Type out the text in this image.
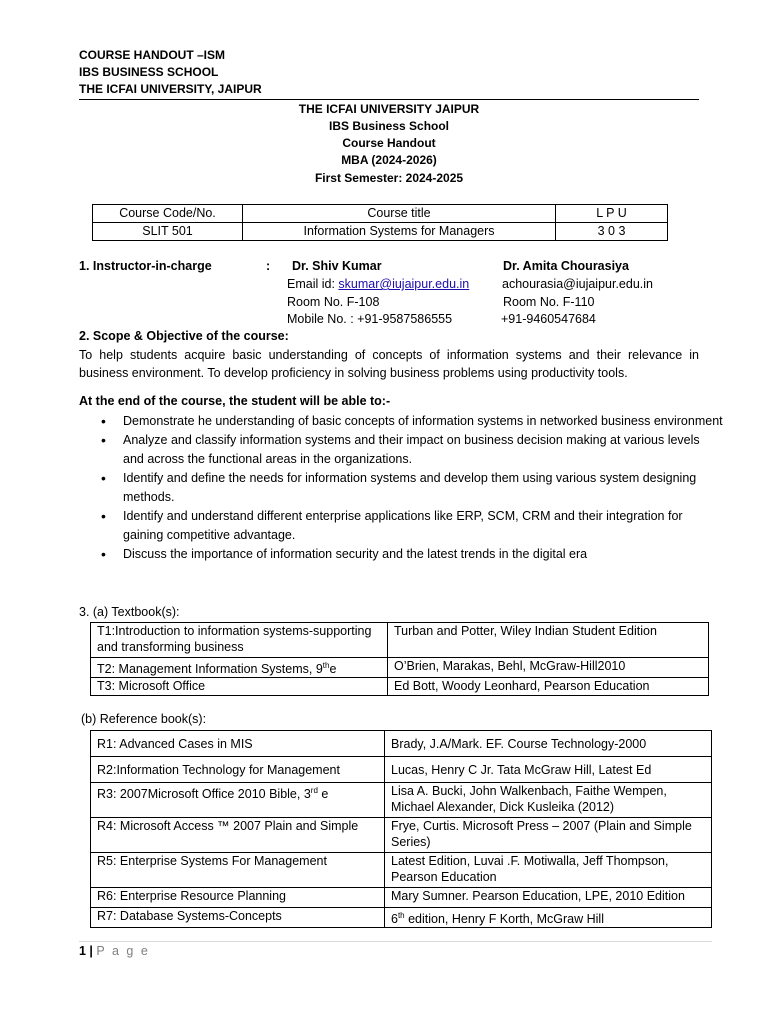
COURSE HANDOUT –ISM
IBS BUSINESS SCHOOL
THE ICFAI UNIVERSITY, JAIPUR
THE ICFAI UNIVERSITY JAIPUR
IBS Business School
Course Handout
MBA (2024-2026)
First Semester: 2024-2025
Course Code/No.	Course title	L P U
SLIT 501	Information Systems for Managers	3 0 3
1. Instructor-in-charge	: Dr. Shiv Kumar
Email id: skumar@iujaipur.edu.in
Room No. F-108
Mobile No. : +91-9587586555
Dr. Amita Chourasiya
achourasia@iujaipur.edu.in
Room No. F-110
+91-9460547684
2. Scope & Objective of the course:
To help students acquire basic understanding of concepts of information systems and their relevance in business environment. To develop proficiency in solving business problems using productivity tools.
At the end of the course, the student will be able to:-
• Demonstrate he understanding of basic concepts of information systems in networked business environment
• Analyze and classify information systems and their impact on business decision making at various levels and across the functional areas in the organizations.
• Identify and define the needs for information systems and develop them using various system designing methods.
• Identify and understand different enterprise applications like ERP, SCM, CRM and their integration for gaining competitive advantage.
• Discuss the importance of information security and the latest trends in the digital era
3. (a) Textbook(s):
T1:Introduction to information systems-supporting and transforming business	Turban and Potter, Wiley Indian Student Edition
T2: Management Information Systems, 9the	O’Brien, Marakas, Behl, McGraw-Hill2010
T3: Microsoft Office	Ed Bott, Woody Leonhard, Pearson Education
(b) Reference book(s):
R1: Advanced Cases in MIS	Brady, J.A/Mark. EF. Course Technology-2000
R2:Information Technology for Management	Lucas, Henry C Jr. Tata McGraw Hill, Latest Ed
R3: 2007Microsoft Office 2010 Bible, 3rd e	Lisa A. Bucki, John Walkenbach, Faithe Wempen, Michael Alexander, Dick Kusleika (2012)
R4: Microsoft Access ™ 2007 Plain and Simple	Frye, Curtis. Microsoft Press – 2007 (Plain and Simple Series)
R5: Enterprise Systems For Management	Latest Edition, Luvai .F. Motiwalla, Jeff Thompson, Pearson Education
R6: Enterprise Resource Planning	Mary Sumner. Pearson Education, LPE, 2010 Edition
R7: Database Systems-Concepts	6th edition, Henry F Korth, McGraw Hill
1 | P a g e
